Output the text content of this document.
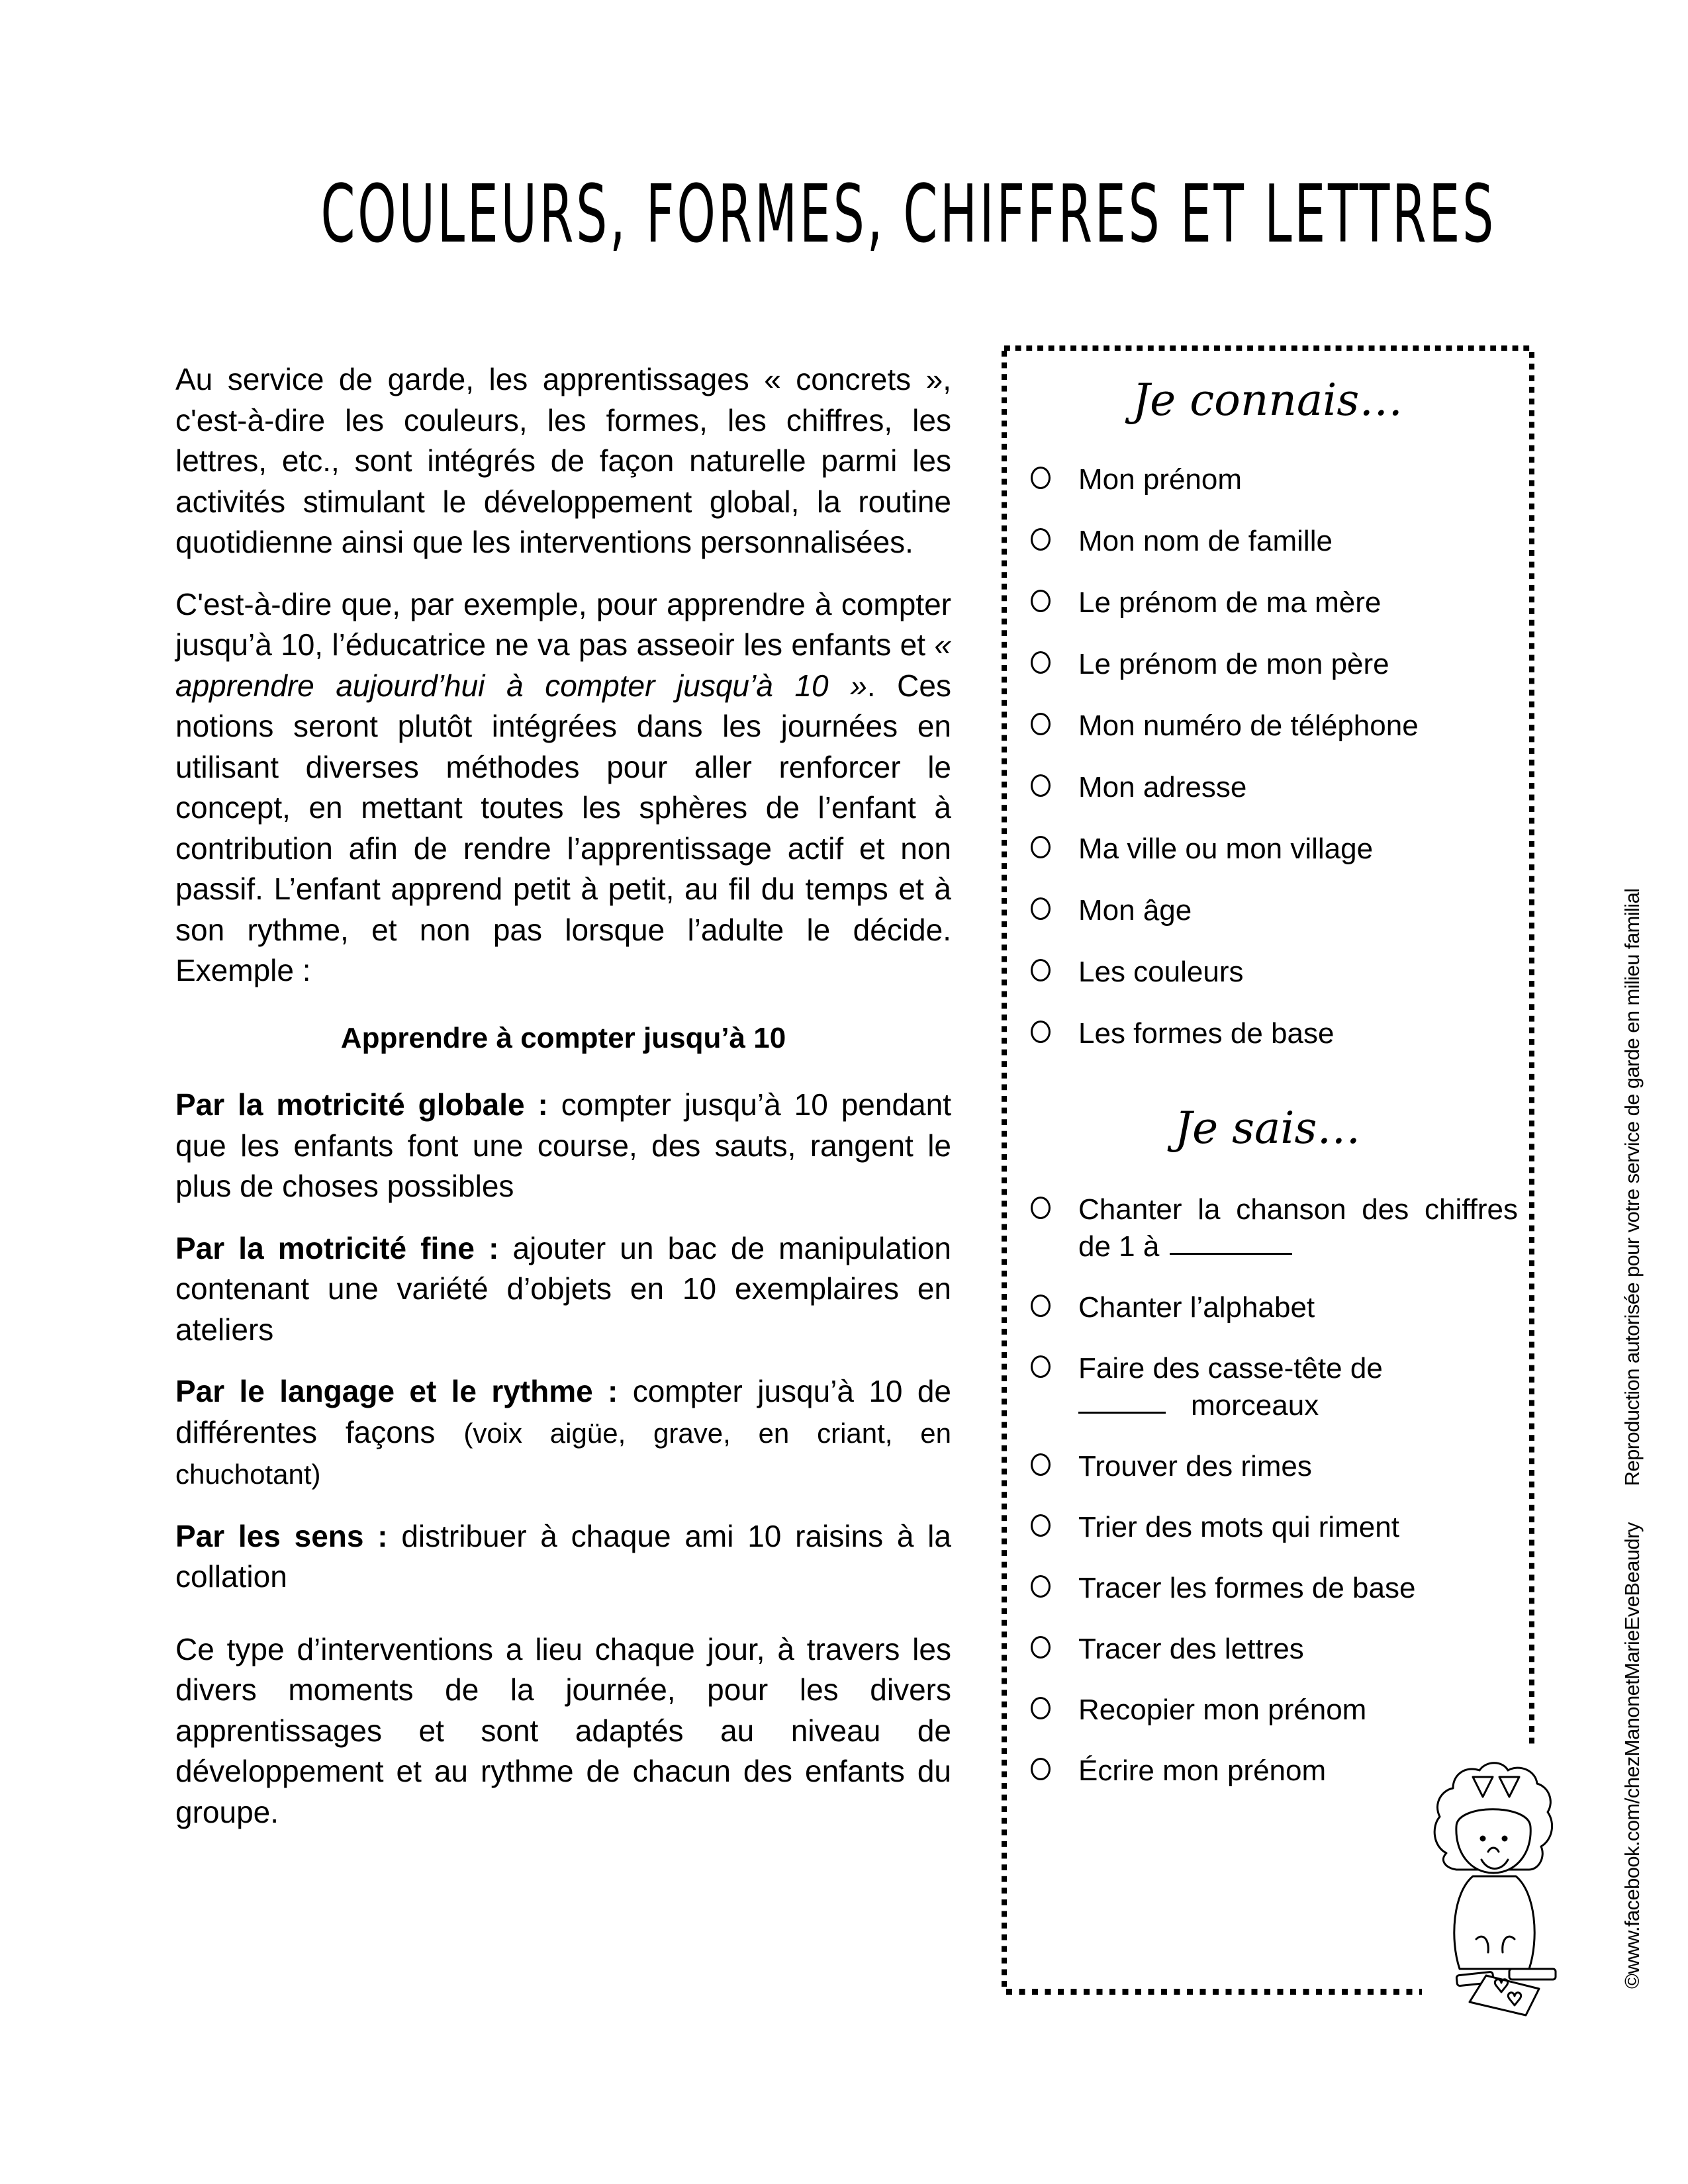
COULEURS, FORMES, CHIFFRES ET LETTRES

Au service de garde, les apprentissages « concrets », c'est-à-dire les couleurs, les formes, les chiffres, les lettres, etc., sont intégrés de façon naturelle parmi les activités stimulant le développement global, la routine quotidienne ainsi que les interventions personnalisées.

C'est-à-dire que, par exemple, pour apprendre à compter jusqu’à 10, l’éducatrice ne va pas asseoir les enfants et « apprendre aujourd’hui à compter jusqu’à 10 ». Ces notions seront plutôt intégrées dans les journées en utilisant diverses méthodes pour aller renforcer le concept, en mettant toutes les sphères de l’enfant à contribution afin de rendre l’apprentissage actif et non passif. L’enfant apprend petit à petit, au fil du temps et à son rythme, et non pas lorsque l’adulte le décide. Exemple :

Apprendre à compter jusqu’à 10

Par la motricité globale : compter jusqu’à 10 pendant que les enfants font une course, des sauts, rangent le plus de choses possibles

Par la motricité fine : ajouter un bac de manipulation contenant une variété d’objets en 10 exemplaires en ateliers

Par le langage et le rythme : compter jusqu’à 10 de différentes façons (voix aigüe, grave, en criant, en chuchotant)

Par les sens : distribuer à chaque ami 10 raisins à la collation

Ce type d’interventions a lieu chaque jour, à travers les divers moments de la journée, pour les divers apprentissages et sont adaptés au niveau de développement et au rythme de chacun des enfants du groupe.

Je connais…
Mon prénom
Mon nom de famille
Le prénom de ma mère
Le prénom de mon père
Mon numéro de téléphone
Mon adresse
Ma ville ou mon village
Mon âge
Les couleurs
Les formes de base
Je sais…
Chanter la chanson des chiffres de 1 à
Chanter l’alphabet
Faire des casse-tête de
morceaux
Trouver des rimes
Trier des mots qui riment
Tracer les formes de base
Tracer des lettres
Recopier mon prénom
Écrire mon prénom	©www.facebook.com/chezManonetMarieEveBeaudryReproduction autorisée pour votre service de garde en milieu familial
